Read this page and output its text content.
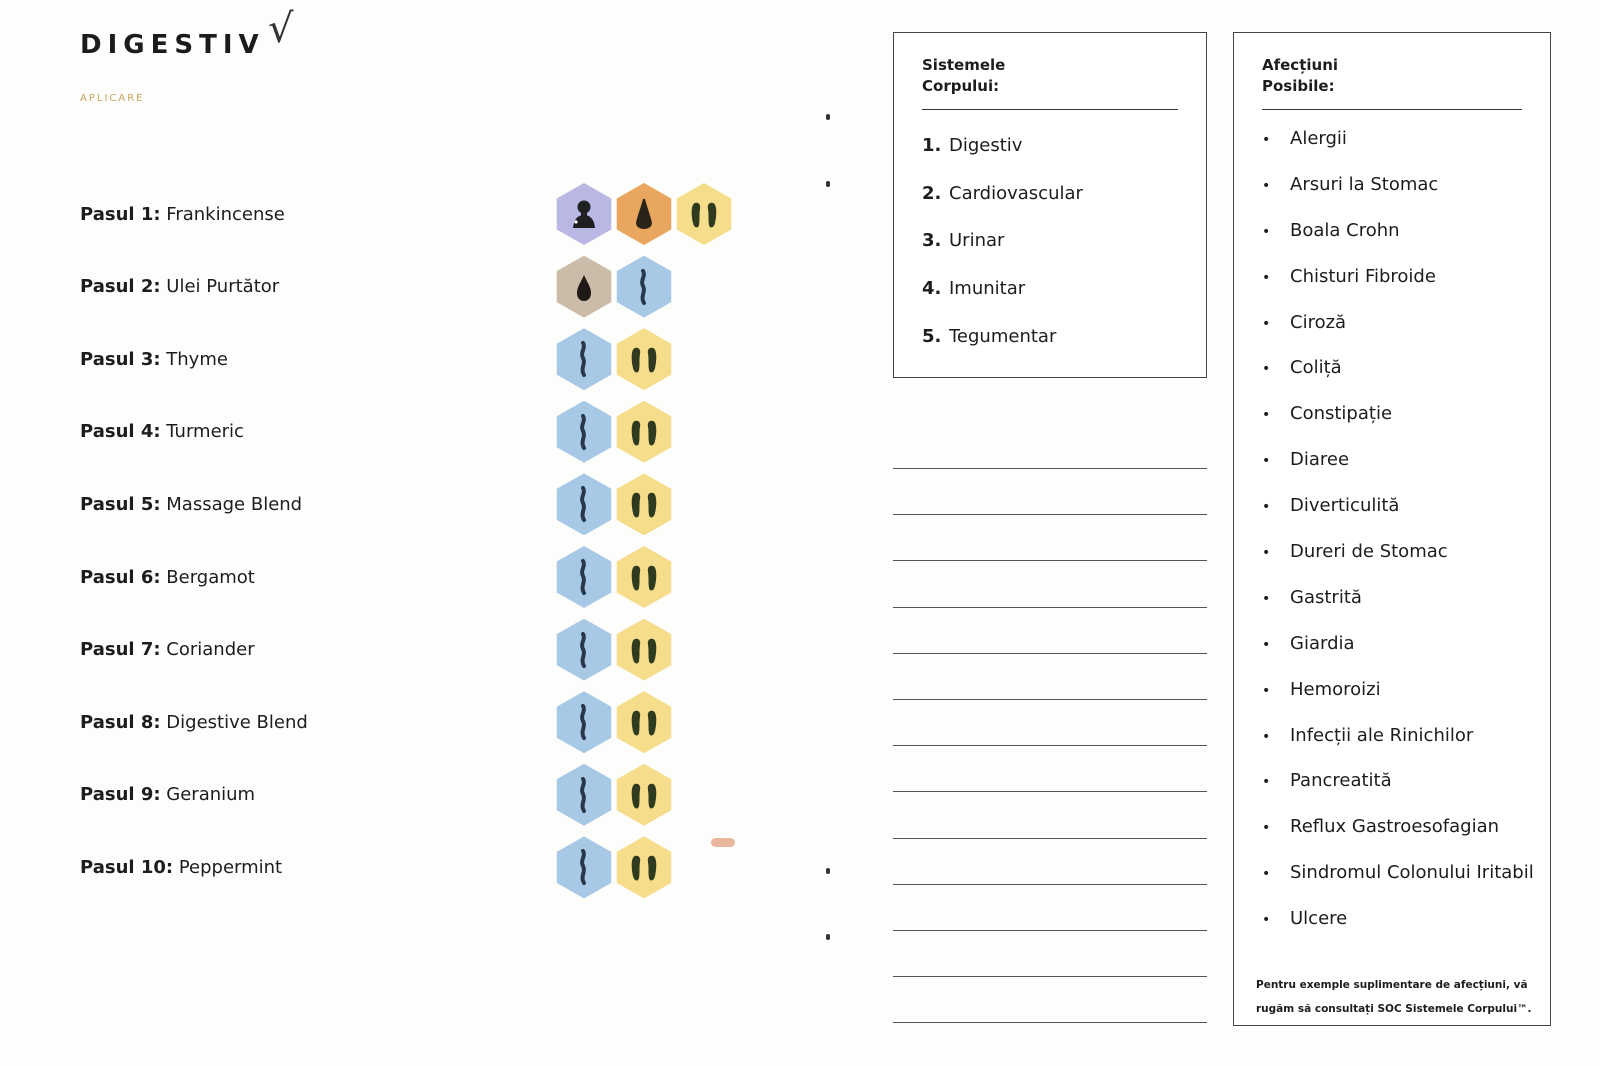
DIGESTIV √
APLICARE
Pasul 1: Frankincense
Pasul 2: Ulei Purtător
Pasul 3: Thyme
Pasul 4: Turmeric
Pasul 5: Massage Blend
Pasul 6: Bergamot
Pasul 7: Coriander
Pasul 8: Digestive Blend
Pasul 9: Geranium
Pasul 10: Peppermint
Sistemele
Corpului:
1. Digestiv
2. Cardiovascular
3. Urinar
4. Imunitar
5. Tegumentar
Afecțiuni
Posibile:
• Alergii
• Arsuri la Stomac
• Boala Crohn
• Chisturi Fibroide
• Ciroză
• Coliță
• Constipație
• Diaree
• Diverticulită
• Dureri de Stomac
• Gastrită
• Giardia
• Hemoroizi
• Infecții ale Rinichilor
• Pancreatită
• Reflux Gastroesofagian
• Sindromul Colonului Iritabil
• Ulcere
Pentru exemple suplimentare de afecțiuni, vă
rugăm să consultați SOC Sistemele Corpului™.
